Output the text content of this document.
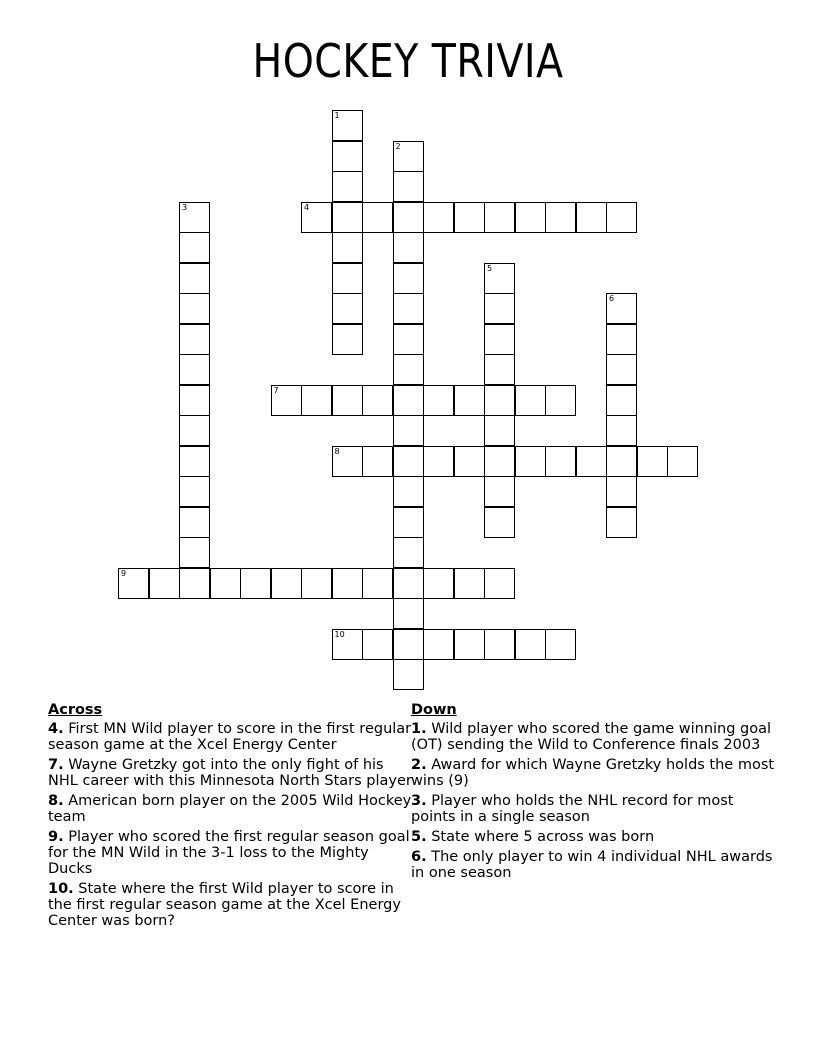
HOCKEY TRIVIA
1
2
3	4
5
6
7
8
9
10
Across
4. First MN Wild player to score in the first regular season game at the Xcel Energy Center
7. Wayne Gretzky got into the only fight of his NHL career with this Minnesota North Stars player
8. American born player on the 2005 Wild Hockey team
9. Player who scored the first regular season goal for the MN Wild in the 3-1 loss to the Mighty Ducks
10. State where the first Wild player to score in the first regular season game at the Xcel Energy Center was born?
Down
1. Wild player who scored the game winning goal (OT) sending the Wild to Conference finals 2003
2. Award for which Wayne Gretzky holds the most wins (9)
3. Player who holds the NHL record for most points in a single season
5. State where 5 across was born
6. The only player to win 4 individual NHL awards in one season
